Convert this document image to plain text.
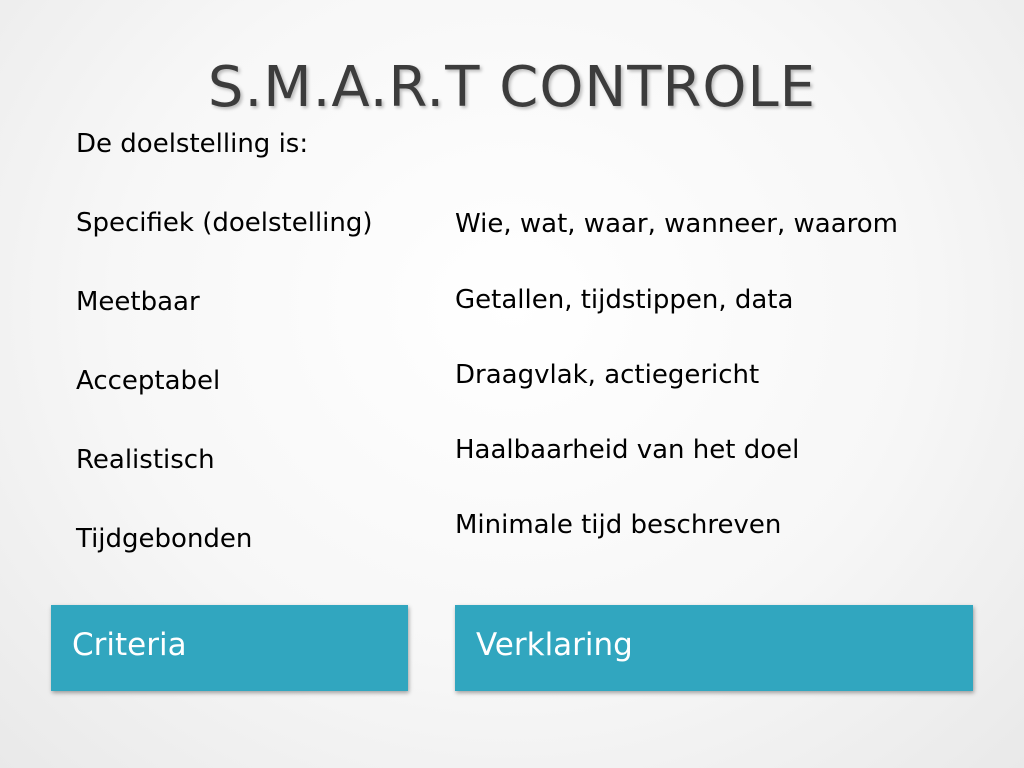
S.M.A.R.T CONTROLE
De doelstelling is:
Specifiek (doelstelling)
Meetbaar
Acceptabel
Realistisch
Tijdgebonden
Wie, wat, waar, wanneer, waarom
Getallen, tijdstippen, data
Draagvlak, actiegericht
Haalbaarheid van het doel
Minimale tijd beschreven
Criteria	Verklaring
